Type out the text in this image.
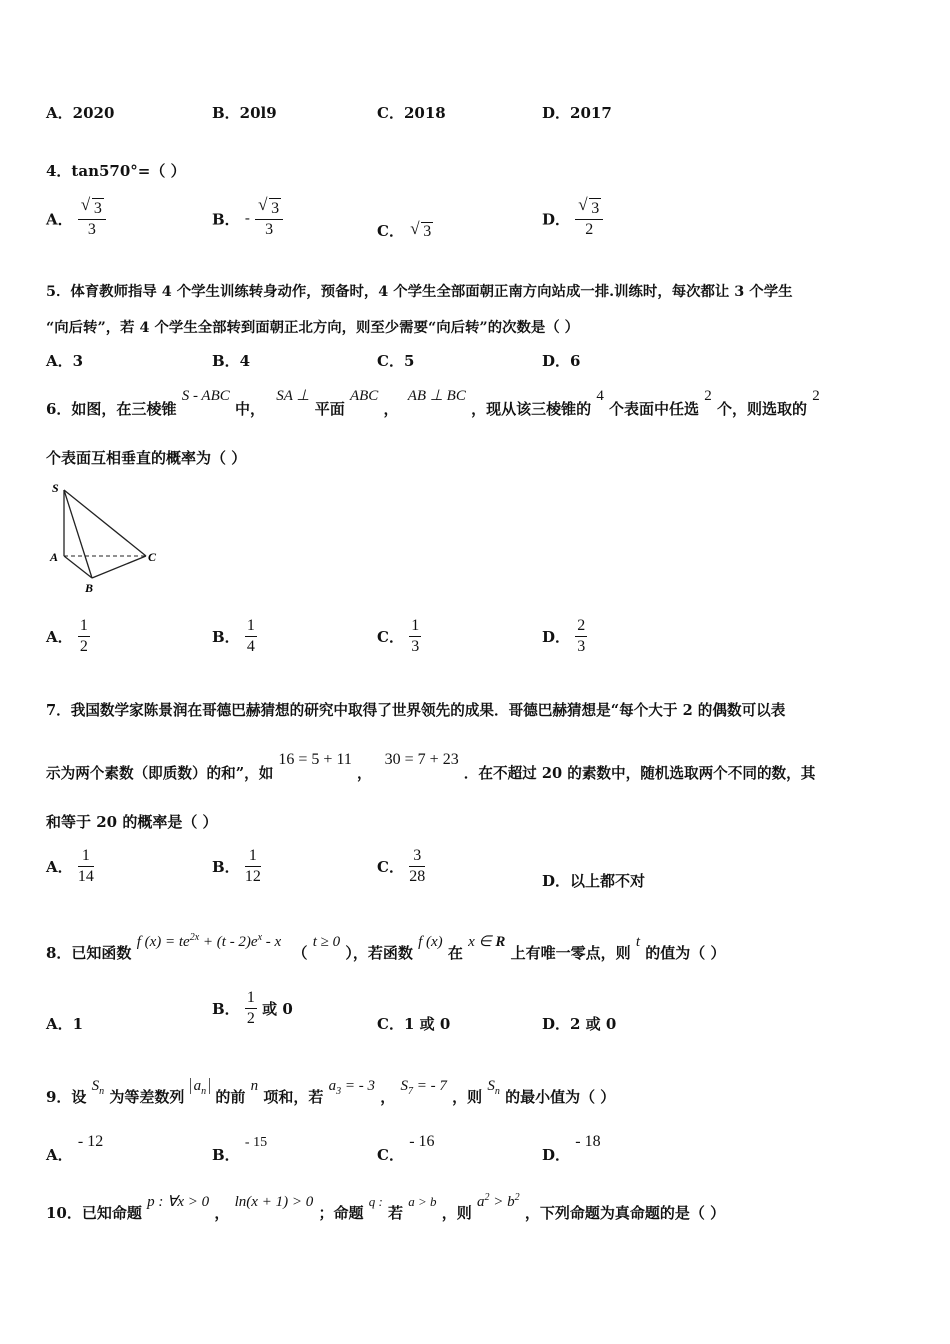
A．2020	B．20l9	C．2018	D．2017
4．tan570°=（ ）
A． √ $\frac{3}{3}$	B． - √ $\frac{3}{3}$	C． √ 3
D． √ $\frac{3}{2}$
5．体育教师指导 4 个学生训练转身动作，预备时，4 个学生全部面朝正南方向站成一排.训练时，每次都让 3 个学生
“向后转”，若 4 个学生全部转到面朝正北方向，则至少需要“向后转”的次数是（ ）
A．3	B．4	C．5	D．6
6．如图，在三棱锥 S - ABC 中， SA ⊥ 平面 ABC ， AB ⊥ BC ，现从该三棱锥的 4 个表面中任选 2 个，则选取的 2
个表面互相垂直的概率为（ ）
S
A
B
C
A． $\frac{1}{2}$	B． $\frac{1}{4}$	C． $\frac{1}{3}$	D． $\frac{2}{3}$
7．我国数学家陈景润在哥德巴赫猜想的研究中取得了世界领先的成果．哥德巴赫猜想是“每个大于 2 的偶数可以表
示为两个素数（即质数）的和”，如 16 = 5 + 11 ， 30 = 7 + 23 ．在不超过 20 的素数中，随机选取两个不同的数，其
和等于 20 的概率是（ ）
A． $\frac{1}{14}$	B． $\frac{1}{12}$	C． $\frac{3}{28}$	D．以上都不对
8．已知函数 f $(x) = te^{2x} + (t - 2)e^x - x$ （ t ≥ 0 ），若函数 f (x) 在 x ∈ R 上有唯一零点，则 t 的值为（ ）
A．1
B． $\frac{1}{2}$ 或 0
C．1 或 0	D．2 或 0
9．设 $S_n$ 为等差数列 $a_n$ 的前 n 项和，若 $a_3$ = - 3 ， $S_7$ = - 7 ，则 $S_n$ 的最小值为（ ）
A． - 12
B． - 15
C． - 16
D． - 18
10．已知命题 p : ∀x > 0 ， ln(x + 1) > 0 ；命题 q : 若 a > b ，则 $a^2 > b^2$ ，下列命题为真命题的是（ ）
